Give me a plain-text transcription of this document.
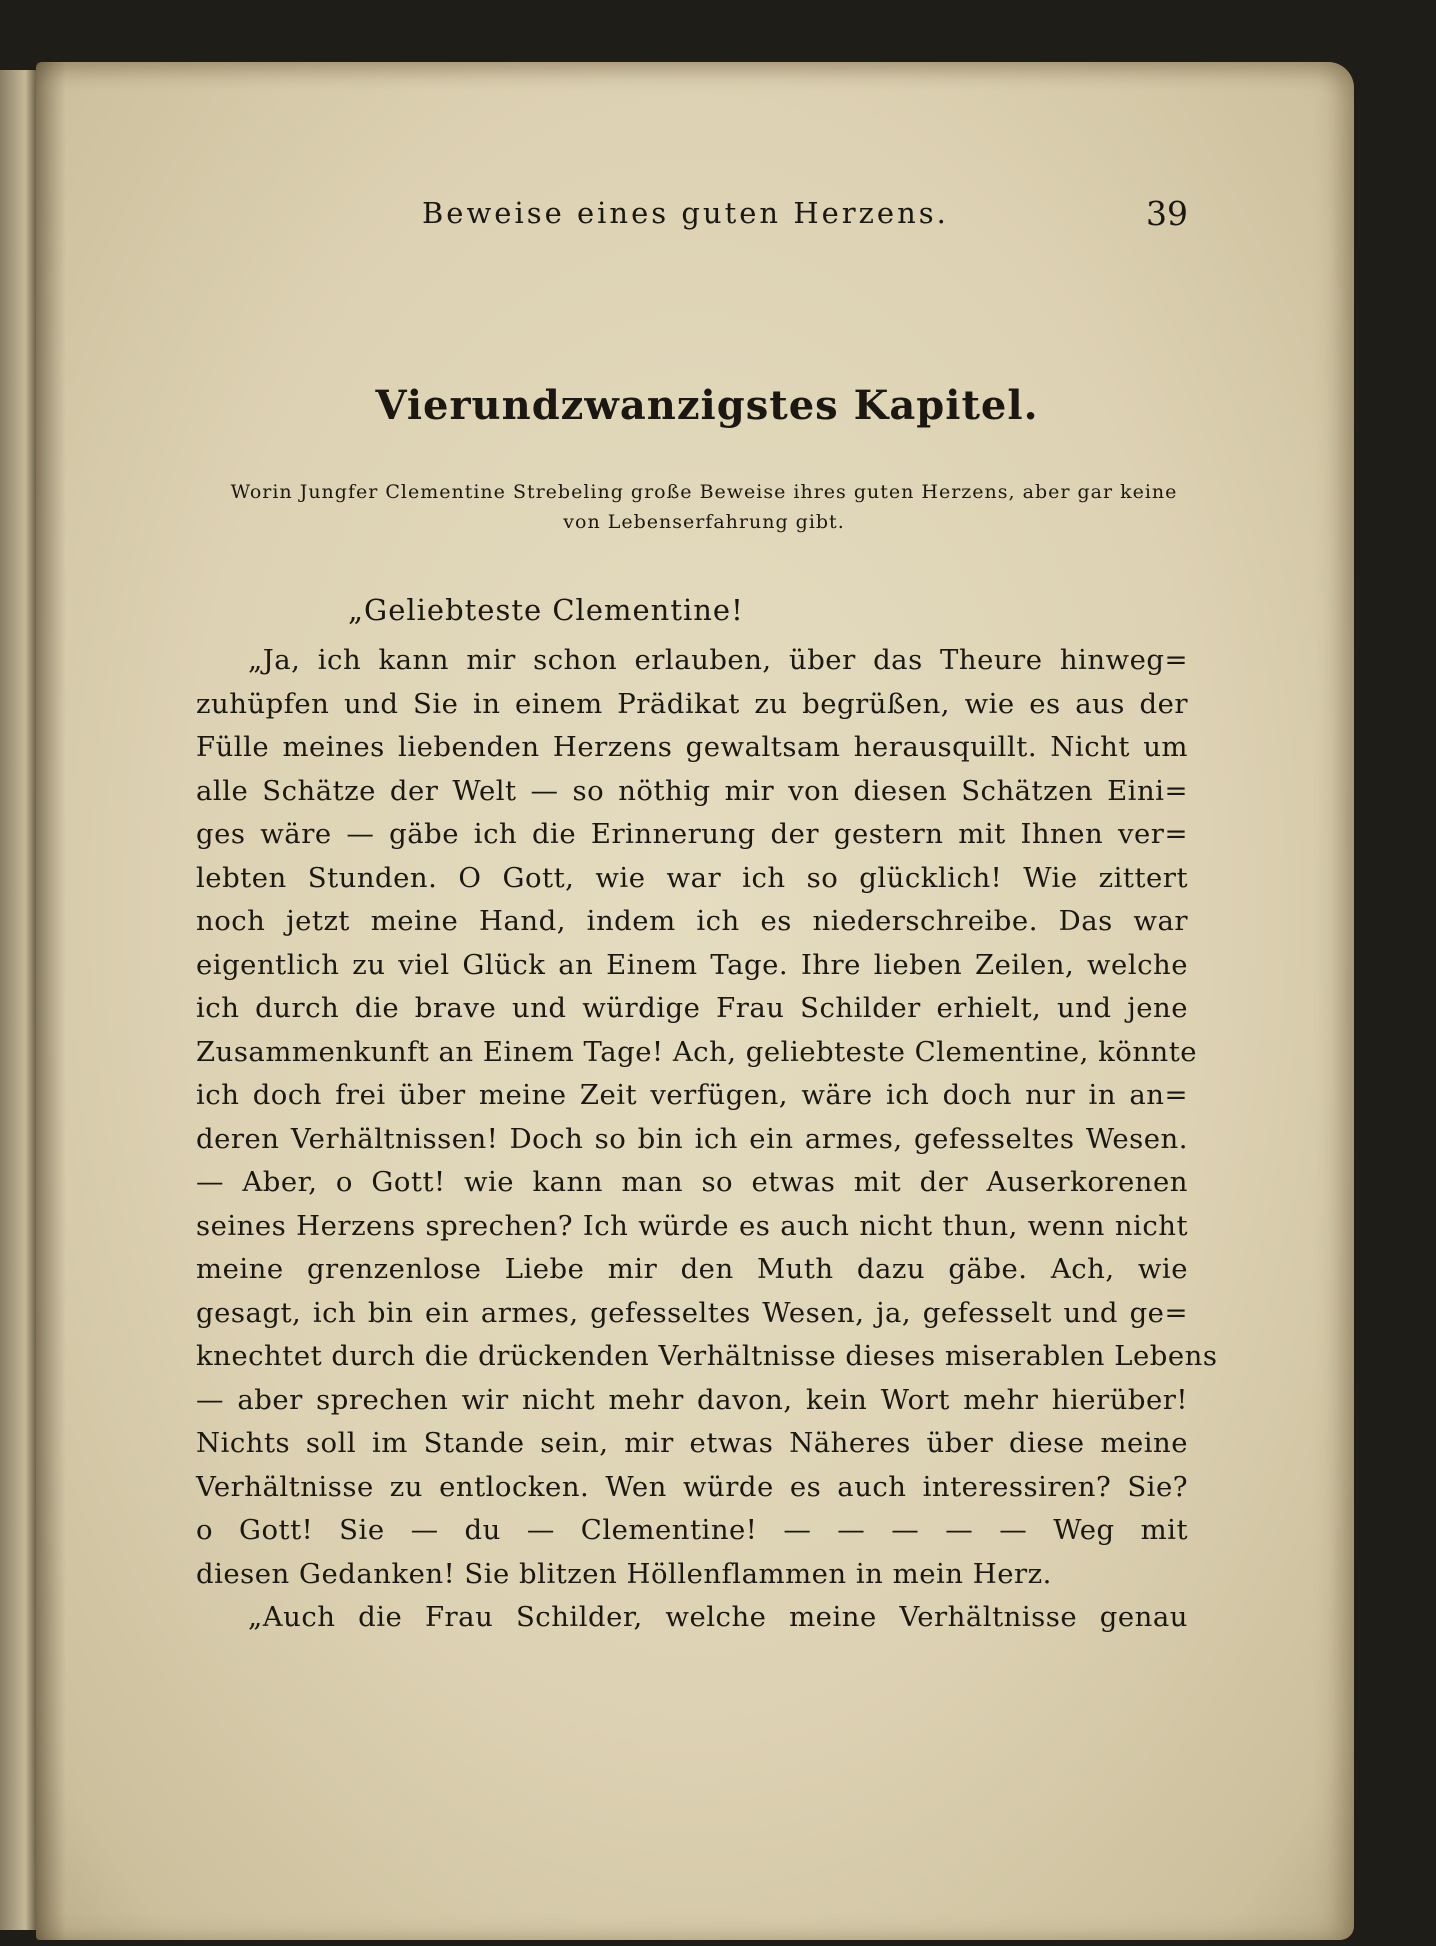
Beweise eines guten Herzens.	39
Vierundzwanzigstes Kapitel.
Worin Jungfer Clementine Strebeling große Beweise ihres guten Herzens, aber gar keine
von Lebenserfahrung gibt.
„Geliebteste Clementine!
„Ja, ich kann mir schon erlauben, über das Theure hinweg=
zuhüpfen und Sie in einem Prädikat zu begrüßen, wie es aus der
Fülle meines liebenden Herzens gewaltsam herausquillt. Nicht um
alle Schätze der Welt — so nöthig mir von diesen Schätzen Eini=
ges wäre — gäbe ich die Erinnerung der gestern mit Ihnen ver=
lebten Stunden. O Gott, wie war ich so glücklich! Wie zittert
noch jetzt meine Hand, indem ich es niederschreibe. Das war
eigentlich zu viel Glück an Einem Tage. Ihre lieben Zeilen, welche
ich durch die brave und würdige Frau Schilder erhielt, und jene
Zusammenkunft an Einem Tage! Ach, geliebteste Clementine, könnte
ich doch frei über meine Zeit verfügen, wäre ich doch nur in an=
deren Verhältnissen! Doch so bin ich ein armes, gefesseltes Wesen.
— Aber, o Gott! wie kann man so etwas mit der Auserkorenen
seines Herzens sprechen? Ich würde es auch nicht thun, wenn nicht
meine grenzenlose Liebe mir den Muth dazu gäbe. Ach, wie
gesagt, ich bin ein armes, gefesseltes Wesen, ja, gefesselt und ge=
knechtet durch die drückenden Verhältnisse dieses miserablen Lebens
— aber sprechen wir nicht mehr davon, kein Wort mehr hierüber!
Nichts soll im Stande sein, mir etwas Näheres über diese meine
Verhältnisse zu entlocken. Wen würde es auch interessiren? Sie?
o Gott! Sie — du — Clementine! — — — — — Weg mit
diesen Gedanken! Sie blitzen Höllenflammen in mein Herz.
„Auch die Frau Schilder, welche meine Verhältnisse genau
